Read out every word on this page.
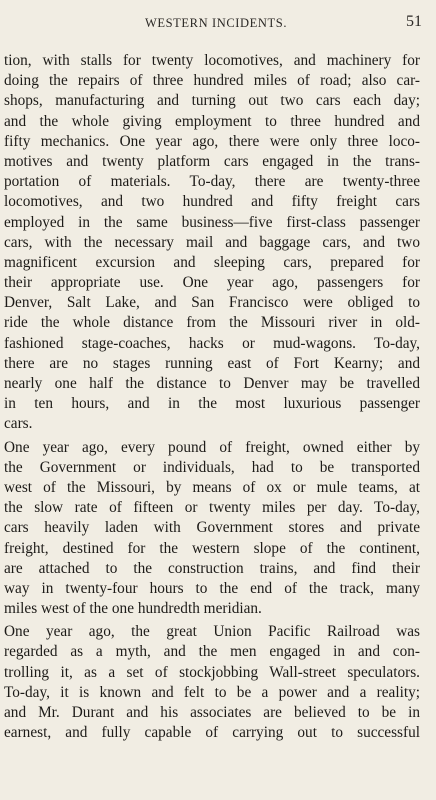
WESTERN INCIDENTS.	51
tion, with stalls for twenty locomotives, and machinery for
doing the repairs of three hundred miles of road; also car-
shops, manufacturing and turning out two cars each day;
and the whole giving employment to three hundred and
fifty mechanics. One year ago, there were only three loco-
motives and twenty platform cars engaged in the trans-
portation of materials. To-day, there are twenty-three
locomotives, and two hundred and fifty freight cars
employed in the same business—five first-class passenger
cars, with the necessary mail and baggage cars, and two
magnificent excursion and sleeping cars, prepared for
their appropriate use. One year ago, passengers for
Denver, Salt Lake, and San Francisco were obliged to
ride the whole distance from the Missouri river in old-
fashioned stage-coaches, hacks or mud-wagons. To-day,
there are no stages running east of Fort Kearny; and
nearly one half the distance to Denver may be travelled
in ten hours, and in the most luxurious passenger
cars.
One year ago, every pound of freight, owned either by
the Government or individuals, had to be transported
west of the Missouri, by means of ox or mule teams, at
the slow rate of fifteen or twenty miles per day. To-day,
cars heavily laden with Government stores and private
freight, destined for the western slope of the continent,
are attached to the construction trains, and find their
way in twenty-four hours to the end of the track, many
miles west of the one hundredth meridian.
One year ago, the great Union Pacific Railroad was
regarded as a myth, and the men engaged in and con-
trolling it, as a set of stockjobbing Wall-street speculators.
To-day, it is known and felt to be a power and a reality;
and Mr. Durant and his associates are believed to be in
earnest, and fully capable of carrying out to successful
